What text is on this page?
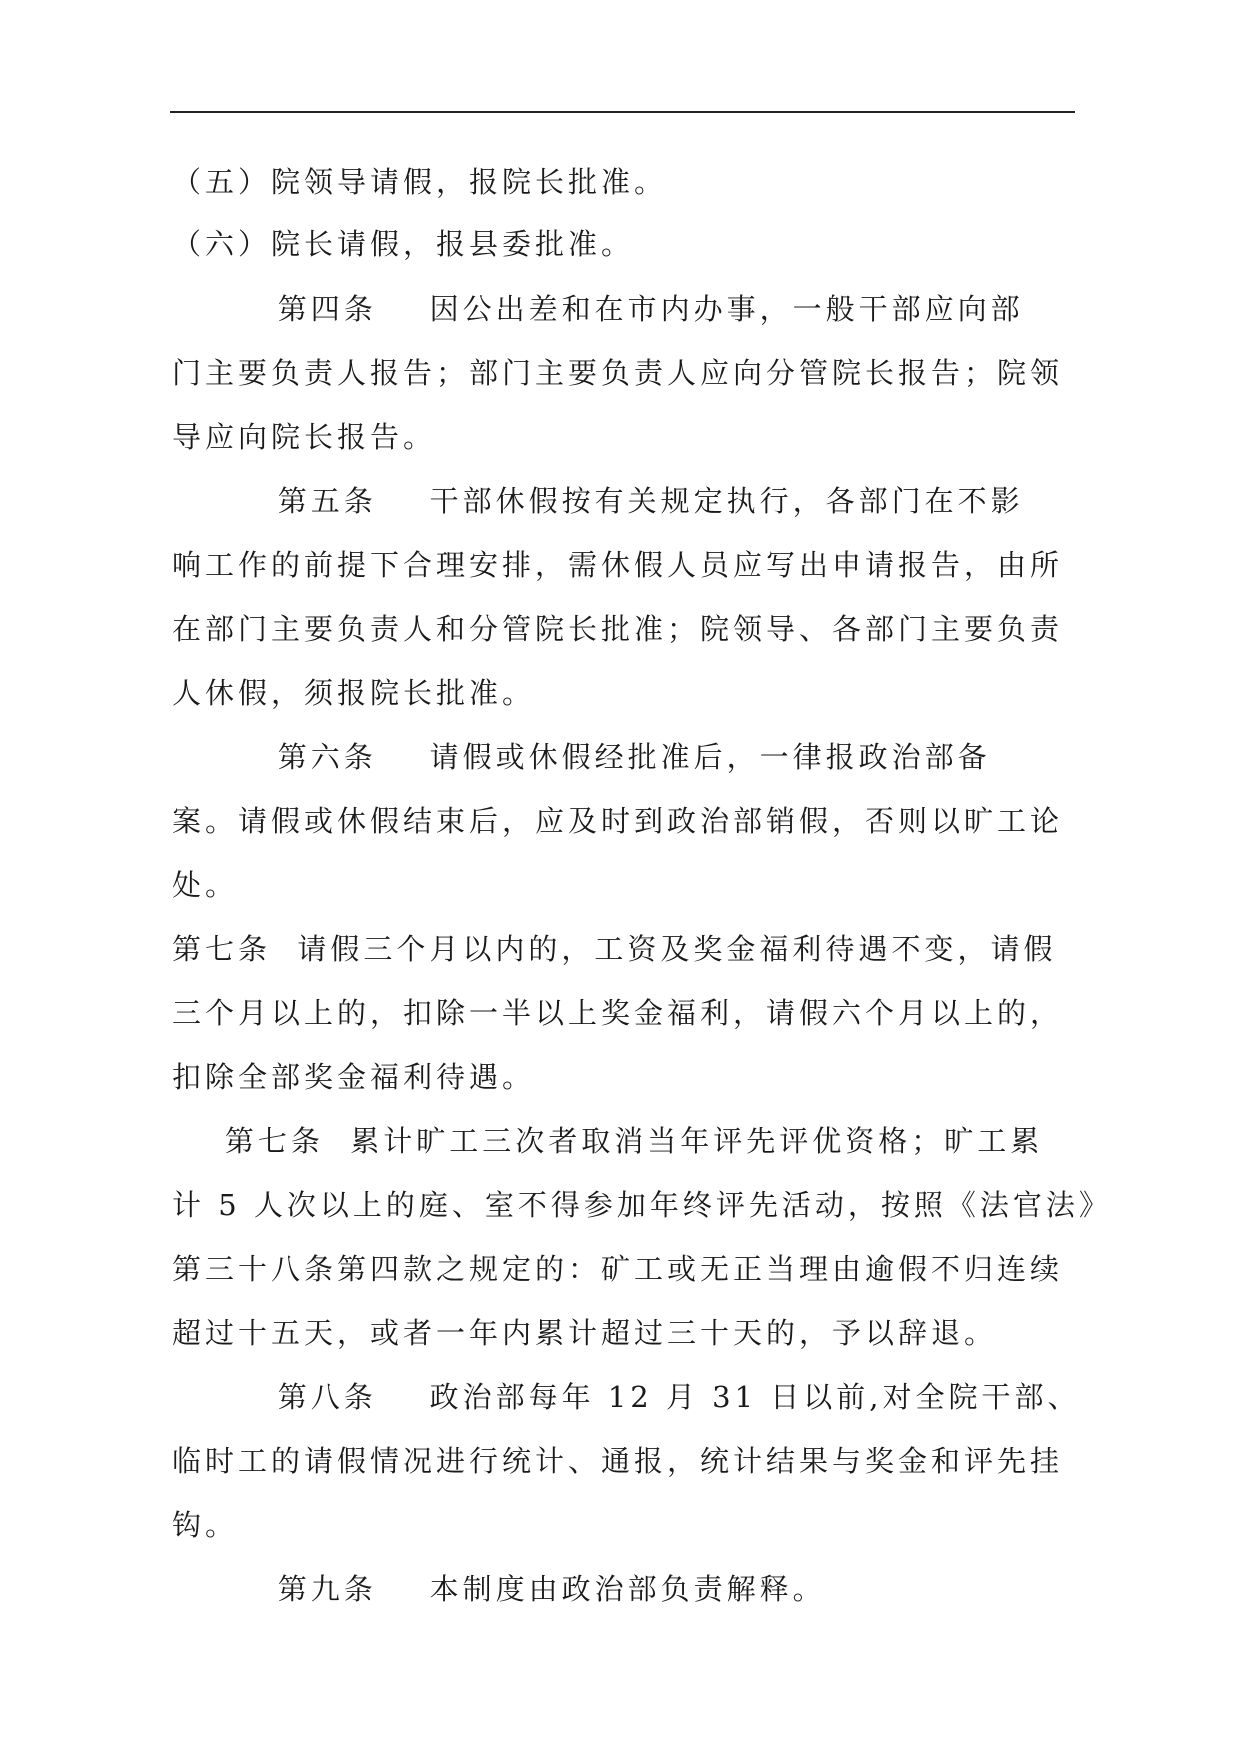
（五）院领导请假，报院长批准。
（六）院长请假，报县委批准。
第四条    因公出差和在市内办事，一般干部应向部
门主要负责人报告；部门主要负责人应向分管院长报告；院领
导应向院长报告。
第五条    干部休假按有关规定执行，各部门在不影
响工作的前提下合理安排，需休假人员应写出申请报告，由所
在部门主要负责人和分管院长批准；院领导、各部门主要负责
人休假，须报院长批准。
第六条    请假或休假经批准后，一律报政治部备
案。请假或休假结束后，应及时到政治部销假，否则以旷工论
处。
第七条  请假三个月以内的，工资及奖金福利待遇不变，请假
三个月以上的，扣除一半以上奖金福利，请假六个月以上的，
扣除全部奖金福利待遇。
第七条  累计旷工三次者取消当年评先评优资格；旷工累
计 5 人次以上的庭、室不得参加年终评先活动，按照《法官法》
第三十八条第四款之规定的：矿工或无正当理由逾假不归连续
超过十五天，或者一年内累计超过三十天的，予以辞退。
第八条    政治部每年 12 月 31 日以前,对全院干部、
临时工的请假情况进行统计、通报，统计结果与奖金和评先挂
钩。
第九条    本制度由政治部负责解释。
